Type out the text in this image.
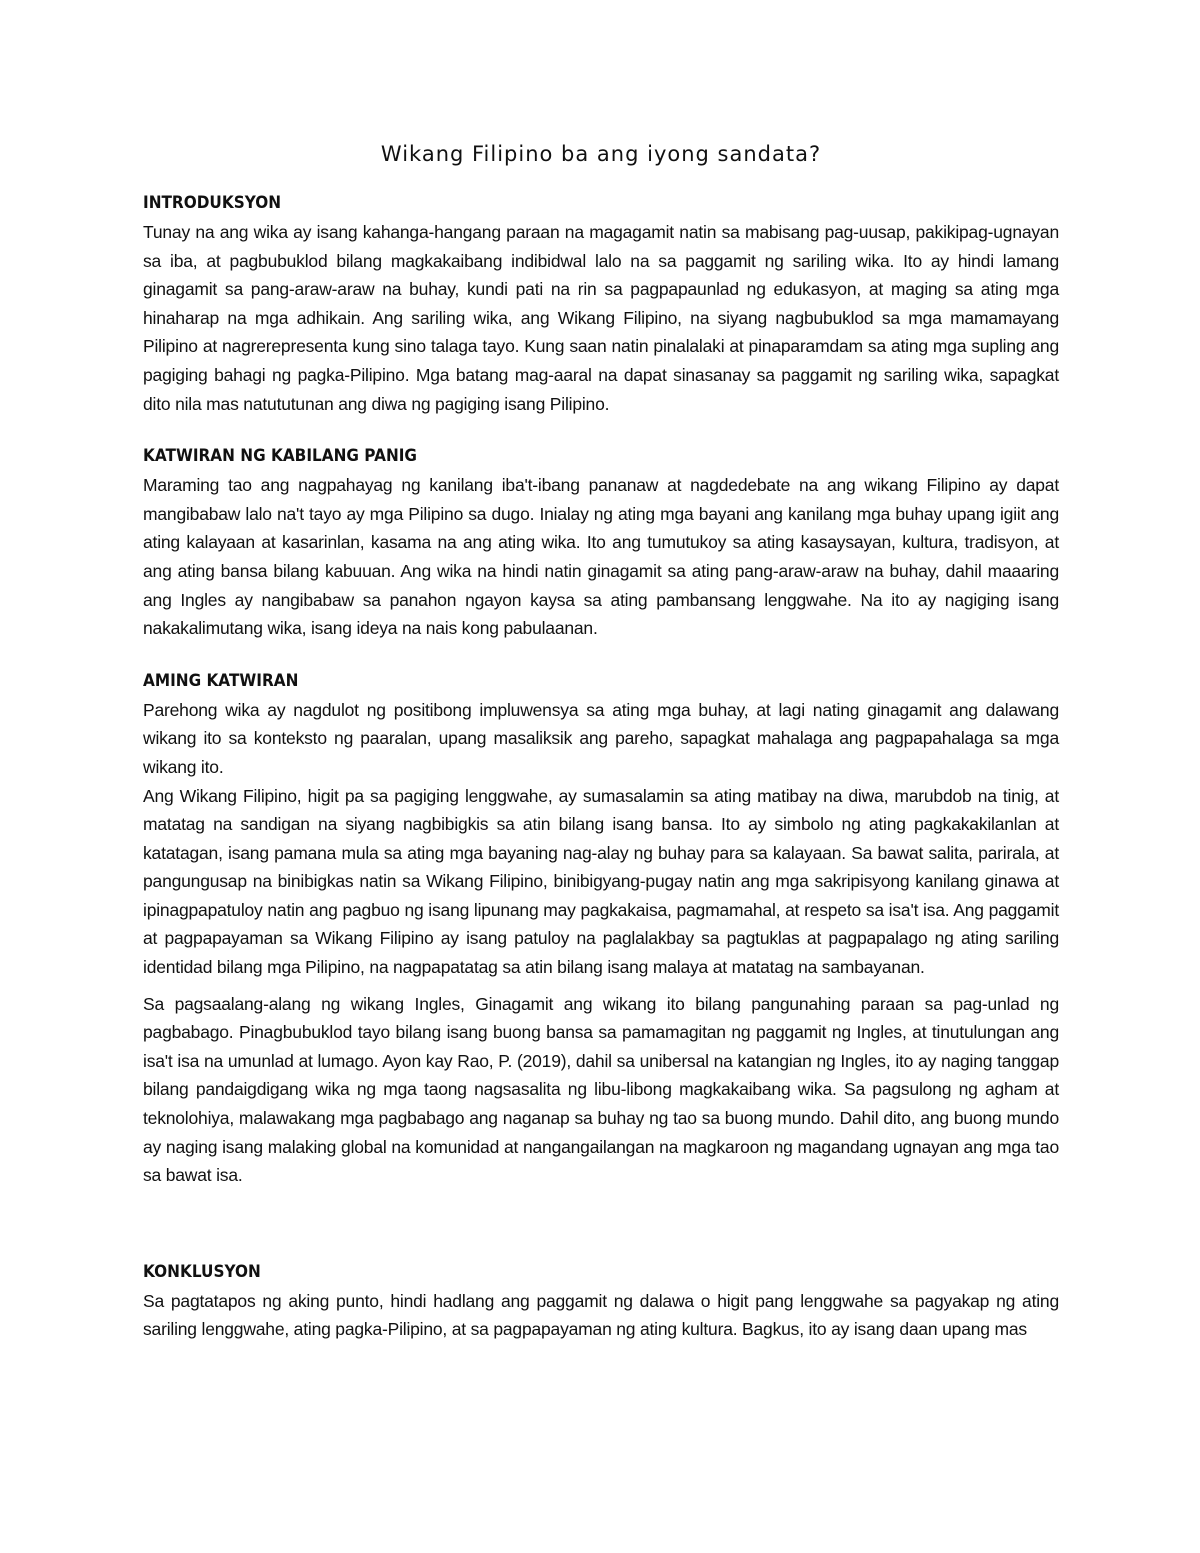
Wikang Filipino ba ang iyong sandata?
INTRODUKSYON

Tunay na ang wika ay isang kahanga-hangang paraan na magagamit natin sa mabisang pag-uusap, pakikipag-ugnayan sa iba, at pagbubuklod bilang magkakaibang indibidwal lalo na sa paggamit ng sariling wika. Ito ay hindi lamang ginagamit sa pang-araw-araw na buhay, kundi pati na rin sa pagpapaunlad ng edukasyon, at maging sa ating mga hinaharap na mga adhikain. Ang sariling wika, ang Wikang Filipino, na siyang nagbubuklod sa mga mamamayang Pilipino at nagrerepresenta kung sino talaga tayo. Kung saan natin pinalalaki at pinaparamdam sa ating mga supling ang pagiging bahagi ng pagka-Pilipino. Mga batang mag-aaral na dapat sinasanay sa paggamit ng sariling wika, sapagkat dito nila mas natututunan ang diwa ng pagiging isang Pilipino.

KATWIRAN NG KABILANG PANIG

Maraming tao ang nagpahayag ng kanilang iba't-ibang pananaw at nagdedebate na ang wikang Filipino ay dapat mangibabaw lalo na't tayo ay mga Pilipino sa dugo. Inialay ng ating mga bayani ang kanilang mga buhay upang igiit ang ating kalayaan at kasarinlan, kasama na ang ating wika. Ito ang tumutukoy sa ating kasaysayan, kultura, tradisyon, at ang ating bansa bilang kabuuan. Ang wika na hindi natin ginagamit sa ating pang-araw-araw na buhay, dahil maaaring ang Ingles ay nangibabaw sa panahon ngayon kaysa sa ating pambansang lenggwahe. Na ito ay nagiging isang nakakalimutang wika, isang ideya na nais kong pabulaanan.

AMING KATWIRAN

Parehong wika ay nagdulot ng positibong impluwensya sa ating mga buhay, at lagi nating ginagamit ang dalawang wikang ito sa konteksto ng paaralan, upang masaliksik ang pareho, sapagkat mahalaga ang pagpapahalaga sa mga wikang ito.

Ang Wikang Filipino, higit pa sa pagiging lenggwahe, ay sumasalamin sa ating matibay na diwa, marubdob na tinig, at matatag na sandigan na siyang nagbibigkis sa atin bilang isang bansa. Ito ay simbolo ng ating pagkakakilanlan at katatagan, isang pamana mula sa ating mga bayaning nag-alay ng buhay para sa kalayaan. Sa bawat salita, parirala, at pangungusap na binibigkas natin sa Wikang Filipino, binibigyang-pugay natin ang mga sakripisyong kanilang ginawa at ipinagpapatuloy natin ang pagbuo ng isang lipunang may pagkakaisa, pagmamahal, at respeto sa isa't isa. Ang paggamit at pagpapayaman sa Wikang Filipino ay isang patuloy na paglalakbay sa pagtuklas at pagpapalago ng ating sariling identidad bilang mga Pilipino, na nagpapatatag sa atin bilang isang malaya at matatag na sambayanan.

Sa pagsaalang-alang ng wikang Ingles, Ginagamit ang wikang ito bilang pangunahing paraan sa pag-unlad ng pagbabago. Pinagbubuklod tayo bilang isang buong bansa sa pamamagitan ng paggamit ng Ingles, at tinutulungan ang isa't isa na umunlad at lumago. Ayon kay Rao, P. (2019), dahil sa unibersal na katangian ng Ingles, ito ay naging tanggap bilang pandaigdigang wika ng mga taong nagsasalita ng libu-libong magkakaibang wika. Sa pagsulong ng agham at teknolohiya, malawakang mga pagbabago ang naganap sa buhay ng tao sa buong mundo. Dahil dito, ang buong mundo ay naging isang malaking global na komunidad at nangangailangan na magkaroon ng magandang ugnayan ang mga tao sa bawat isa.

KONKLUSYON

Sa pagtatapos ng aking punto, hindi hadlang ang paggamit ng dalawa o higit pang lenggwahe sa pagyakap ng ating sariling lenggwahe, ating pagka-Pilipino, at sa pagpapayaman ng ating kultura. Bagkus, ito ay isang daan upang mas
